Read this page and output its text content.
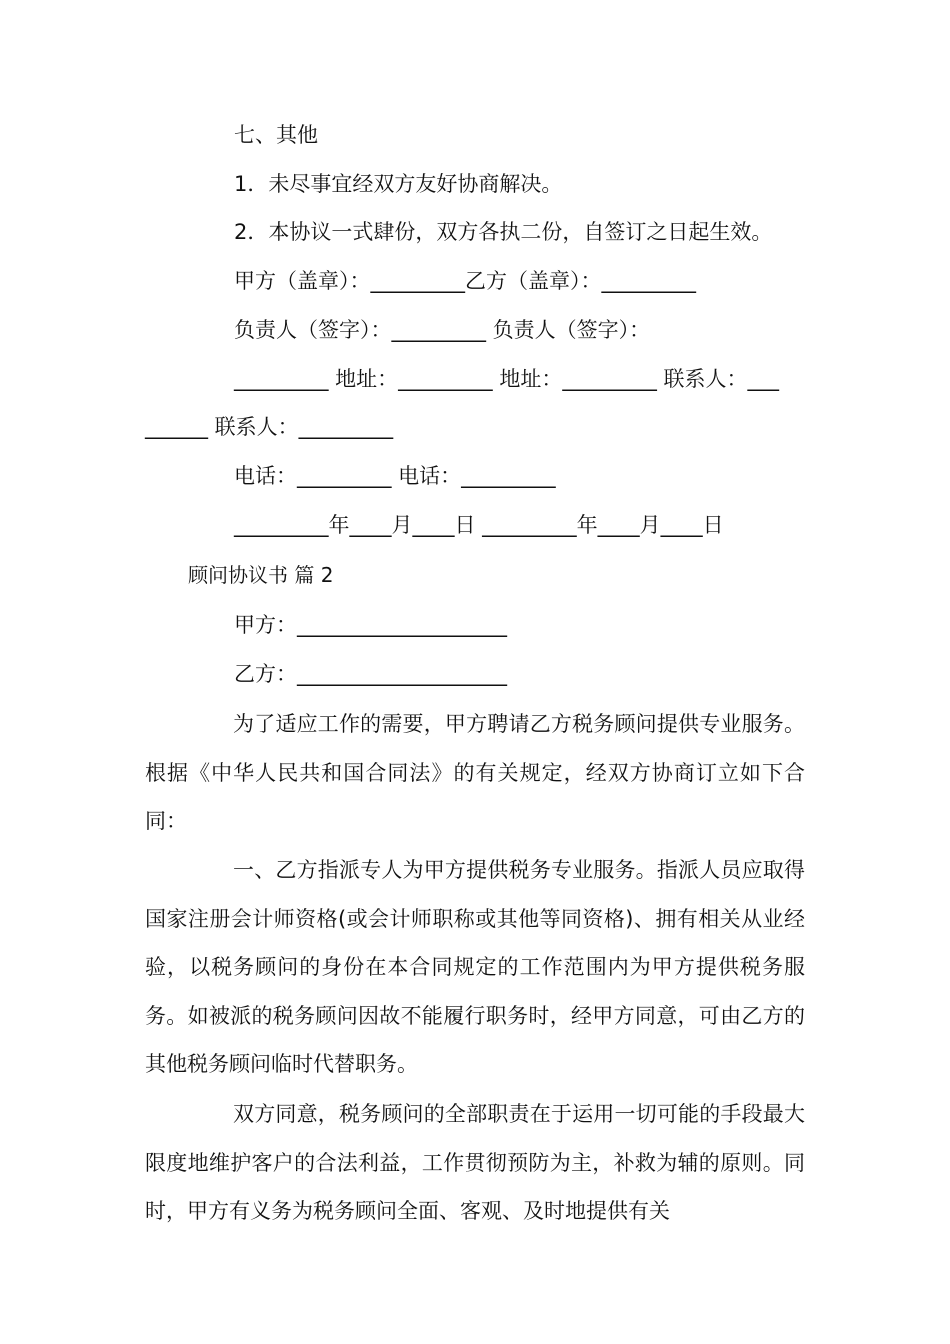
七、其他
1．未尽事宜经双方友好协商解决。
2．本协议一式肆份，双方各执二份，自签订之日起生效。
甲方（盖章）：_________乙方（盖章）：_________
负责人（签字）：_________ 负责人（签字）：
_________ 地址：_________ 地址：_________ 联系人：___
______ 联系人：_________
电话：_________ 电话：_________
_________年____月____日 _________年____月____日
顾问协议书 篇 2
甲方：____________________
乙方：____________________

为了适应工作的需要，甲方聘请乙方税务顾问提供专业服务。根据《中华人民共和国合同法》的有关规定，经双方协商订立如下合同：

一、乙方指派专人为甲方提供税务专业服务。指派人员应取得国家注册会计师资格(或会计师职称或其他等同资格)、拥有相关从业经验，以税务顾问的身份在本合同规定的工作范围内为甲方提供税务服务。如被派的税务顾问因故不能履行职务时，经甲方同意，可由乙方的其他税务顾问临时代替职务。

双方同意，税务顾问的全部职责在于运用一切可能的手段最大限度地维护客户的合法利益，工作贯彻预防为主，补救为辅的原则。同时，甲方有义务为税务顾问全面、客观、及时地提供有关
